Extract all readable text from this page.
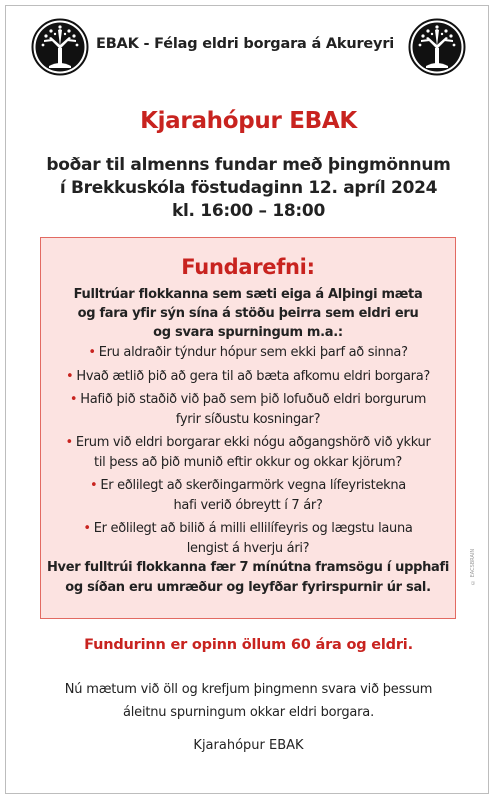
EBAK - Félag eldri borgara á Akureyri
Kjarahópur EBAK
boðar til almenns fundar með þingmönnum
í Brekkuskóla föstudaginn 12. apríl 2024
kl. 16:00 – 18:00
Fundarefni:
Fulltrúar flokkanna sem sæti eiga á Alþingi mæta
og fara yfir sýn sína á stöðu þeirra sem eldri eru
og svara spurningum m.a.:
• Eru aldraðir týndur hópur sem ekki þarf að sinna?
• Hvað ætlið þið að gera til að bæta afkomu eldri borgara?
• Hafið þið staðið við það sem þið lofuðuð eldri borgurum
fyrir síðustu kosningar?
• Erum við eldri borgarar ekki nógu aðgangshörð við ykkur
til þess að þið munið eftir okkur og okkar kjörum?
• Er eðlilegt að skerðingarmörk vegna lífeyristekna
hafi verið óbreytt í 7 ár?
• Er eðlilegt að bilið á milli ellilífeyris og lægstu launa
lengist á hverju ári?
Hver fulltrúi flokkanna fær 7 mínútna framsögu í upphafi
og síðan eru umræður og leyfðar fyrirspurnir úr sal.
© EACSBRAIN
Fundurinn er opinn öllum 60 ára og eldri.
Nú mætum við öll og krefjum þingmenn svara við þessum
áleitnu spurningum okkar eldri borgara.
Kjarahópur EBAK
